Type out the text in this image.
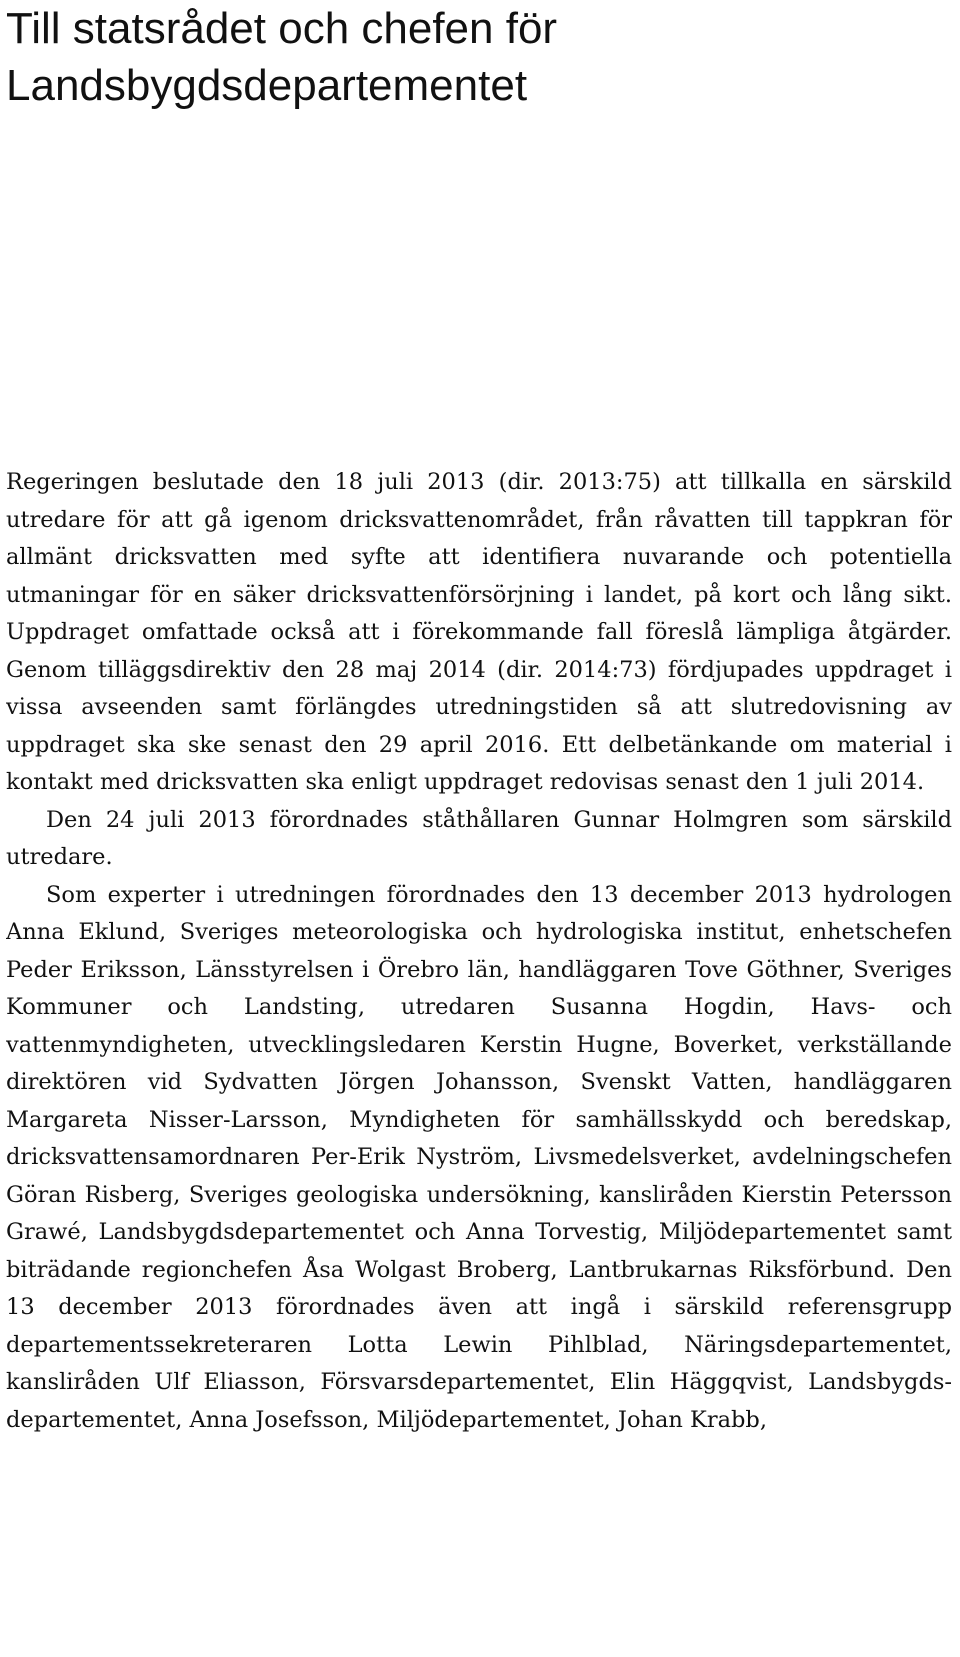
Till statsrådet och chefen för
Landsbygdsdepartementet

Regeringen beslutade den 18 juli 2013 (dir. 2013:75) att tillkalla en särskild utredare för att gå igenom dricksvattenområdet, från råvatten till tappkran för allmänt dricksvatten med syfte att identifiera nuvarande och potentiella utmaningar för en säker dricksvattenförsörjning i landet, på kort och lång sikt. Uppdraget omfattade också att i förekommande fall föreslå lämpliga åtgärder. Genom tilläggsdirektiv den 28 maj 2014 (dir. 2014:73) fördjupades uppdraget i vissa avseenden samt förlängdes utredningstiden så att slutredovisning av uppdraget ska ske senast den 29 april 2016. Ett delbetänkande om material i kontakt med dricksvatten ska enligt uppdraget redovisas senast den 1 juli 2014.

Den 24 juli 2013 förordnades ståthållaren Gunnar Holmgren som särskild utredare.

Som experter i utredningen förordnades den 13 december 2013 hydrologen Anna Eklund, Sveriges meteorologiska och hydrologiska institut, enhetschefen Peder Eriksson, Länsstyrelsen i Örebro län, handläggaren Tove Göthner, Sveriges Kommuner och Landsting, utredaren Susanna Hogdin, Havs- och vattenmyndigheten, utvecklingsledaren Kerstin Hugne, Boverket, verkställande direktören vid Sydvatten Jörgen Johansson, Svenskt Vatten, handläggaren Margareta Nisser-Larsson, Myndigheten för samhällsskydd och beredskap, dricksvattensamordnaren Per-Erik Nyström, Livsmedelsverket, avdelningschefen Göran Risberg, Sveriges geologiska undersökning, kansliråden Kierstin Petersson Grawé, Landsbygdsdepartementet och Anna Torvestig, Miljödepartementet samt biträdande regionchefen Åsa Wolgast Broberg, Lantbrukarnas Riksförbund. Den 13 december 2013 förordnades även att ingå i särskild referensgrupp departementssekreteraren Lotta Lewin Pihlblad, Näringsdepartementet, kansliråden Ulf Eliasson, Försvarsdepartementet, Elin Häggqvist, Landsbygdsdepartementet, Anna Josefsson, Miljödepartementet, Johan Krabb,
